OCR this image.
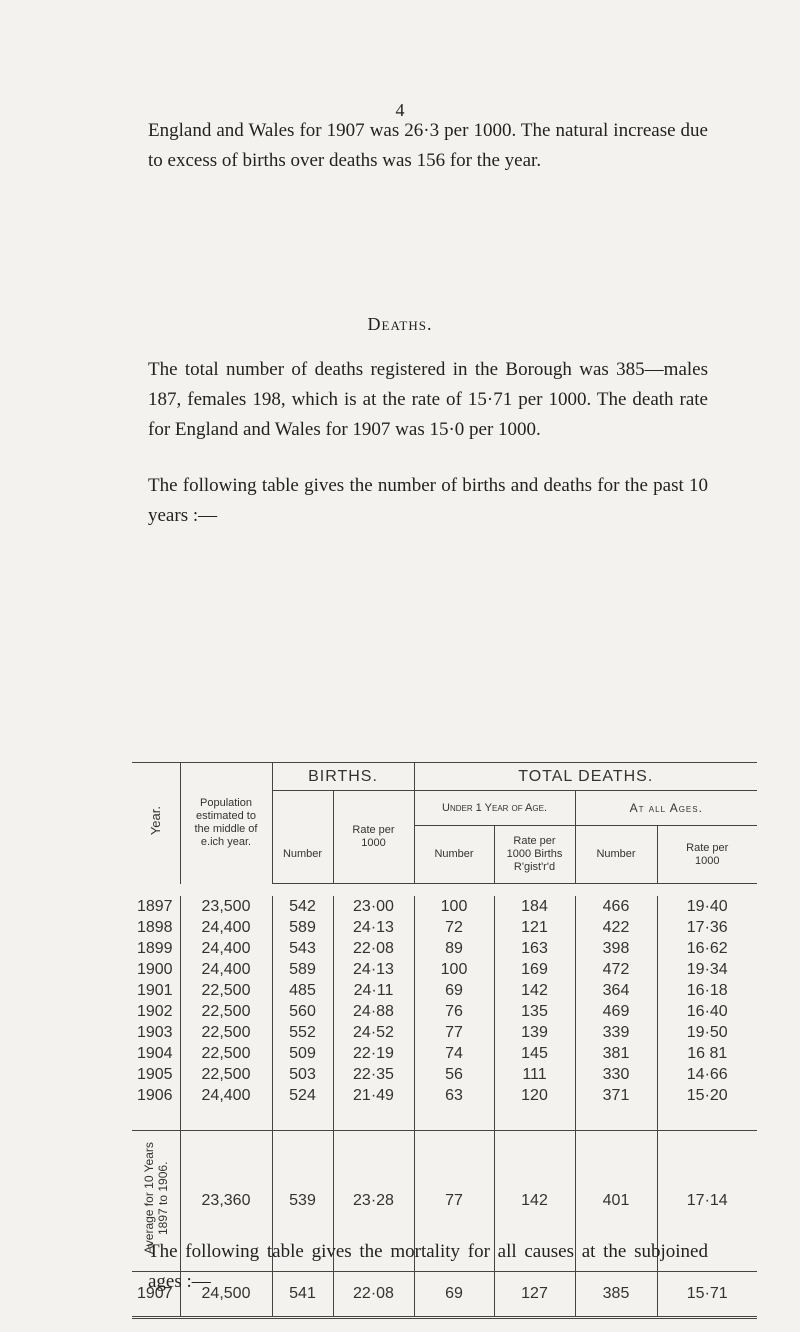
4

England and Wales for 1907 was 26·3 per 1000. The natural increase due to excess of births over deaths was 156 for the year.

Deaths.

The total number of deaths registered in the Borough was 385—males 187, females 198, which is at the rate of 15·71 per 1000. The death rate for England and Wales for 1907 was 15·0 per 1000.

The following table gives the number of births and deaths for the past 10 years :—

Year.	Population estimated to the middle of e.ich year.	BIRTHS.		TOTAL DEATHS.			
		Number	Rate per 1000	Under 1 Year of Age.		At all Ages.	
				Number	Rate per 1000 Births R'gist'r'd	Number	Rate per 1000

1897	23,500	542	23·00	100	184	466	19·40
1898	24,400	589	24·13	72	121	422	17·36
1899	24,400	543	22·08	89	163	398	16·62
1900	24,400	589	24·13	100	169	472	19·34
1901	22,500	485	24·11	69	142	364	16·18
1902	22,500	560	24·88	76	135	469	16·40
1903	22,500	552	24·52	77	139	339	19·50
1904	22,500	509	22·19	74	145	381	16 81
1905	22,500	503	22·35	56	111	330	14·66
1906	24,400	524	21·49	63	120	371	15·20

Average for 10 Years 1897 to 1906.	23,360	539	23·28	77	142	401	17·14
1907	24,500	541	22·08	69	127	385	15·71

The following table gives the mortality for all causes at the subjoined ages :—
